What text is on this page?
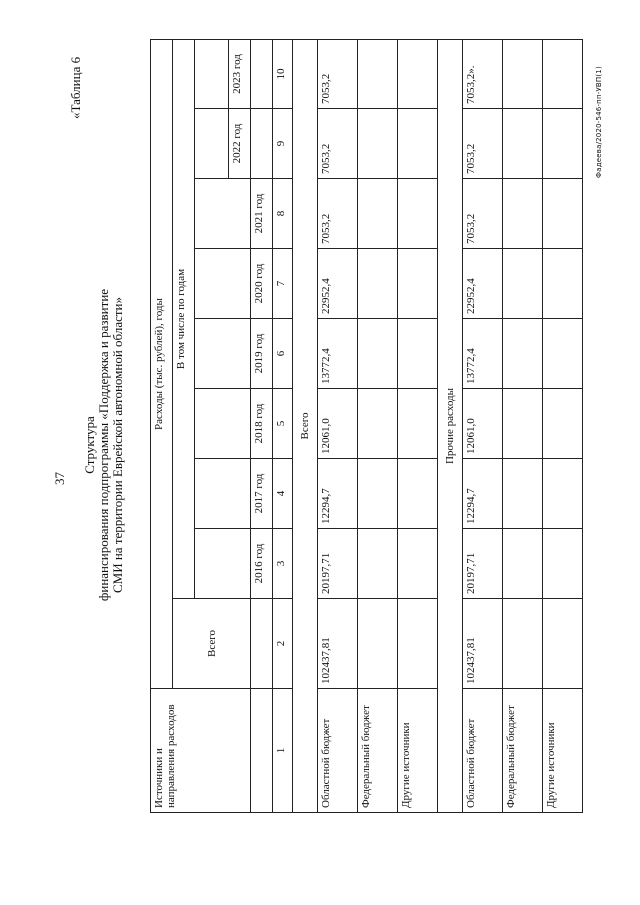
37
«Таблица 6
Структура финансирования подпрограммы «Поддержка и развитие СМИ на территории Еврейской автономной области»
Источники и направления расходов	Расходы (тыс. рублей), годы								
	Всего	В том числе по годам							

								2022 год	2023 год
		2016 год	2017 год	2018 год	2019 год	2020 год	2021 год		
1	2	3	4	5	6	7	8	9	10
Всего									
Областной бюджет	102437,81	20197,71	12294,7	12061,0	13772,4	22952,4	7053,2	7053,2	7053,2
Федеральный бюджет									
Другие источники									
Прочие расходы									
Областной бюджет	102437,81	20197,71	12294,7	12061,0	13772,4	22952,4	7053,2	7053,2	7053,2».
Федеральный бюджет									
Другие источники									
Фадеева/2020-546-пп-УВП(1)
